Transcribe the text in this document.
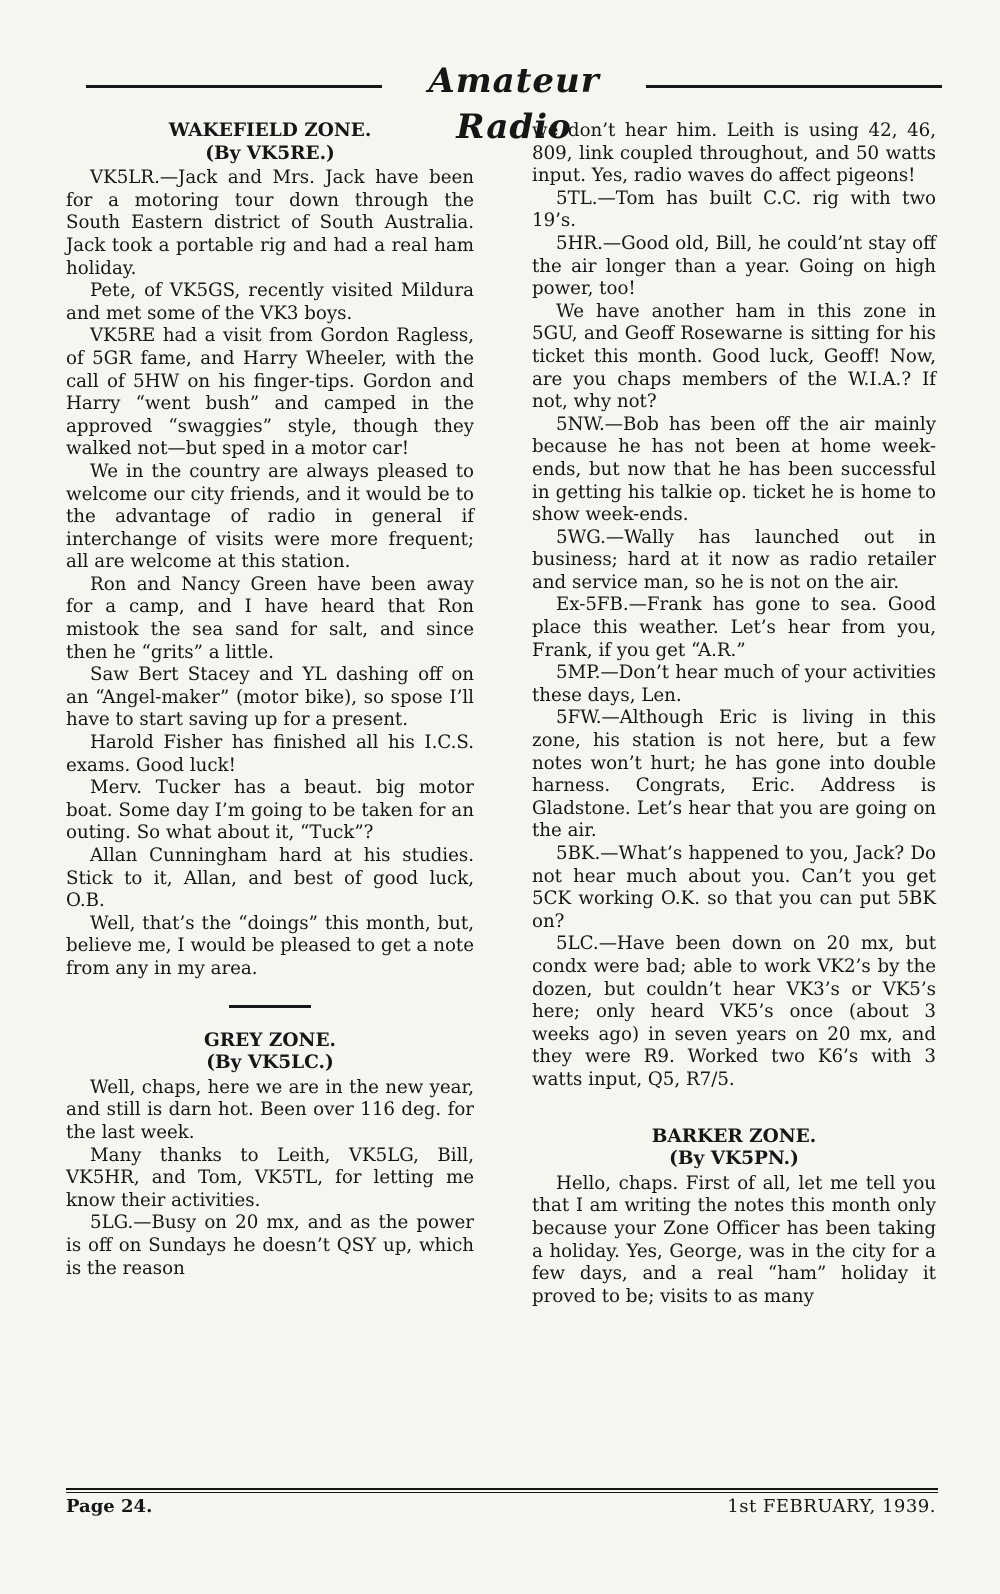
Amateur Radio
WAKEFIELD ZONE.
(By VK5RE.)

VK5LR.—Jack and Mrs. Jack have been for a motoring tour down through the South Eastern district of South Australia. Jack took a portable rig and had a real ham holiday.

Pete, of VK5GS, recently visited Mildura and met some of the VK3 boys.

VK5RE had a visit from Gordon Ragless, of 5GR fame, and Harry Wheeler, with the call of 5HW on his finger-tips. Gordon and Harry “went bush” and camped in the approved “swaggies” style, though they walked not—but sped in a motor car!

We in the country are always pleased to welcome our city friends, and it would be to the advantage of radio in general if interchange of visits were more frequent; all are welcome at this station.

Ron and Nancy Green have been away for a camp, and I have heard that Ron mistook the sea sand for salt, and since then he “grits” a little.

Saw Bert Stacey and YL dashing off on an “Angel-maker” (motor bike), so spose I’ll have to start saving up for a present.

Harold Fisher has finished all his I.C.S. exams. Good luck!

Merv. Tucker has a beaut. big motor boat. Some day I’m going to be taken for an outing. So what about it, “Tuck”?

Allan Cunningham hard at his studies. Stick to it, Allan, and best of good luck, O.B.

Well, that’s the “doings” this month, but, believe me, I would be pleased to get a note from any in my area.

GREY ZONE.
(By VK5LC.)

Well, chaps, here we are in the new year, and still is darn hot. Been over 116 deg. for the last week.

Many thanks to Leith, VK5LG, Bill, VK5HR, and Tom, VK5TL, for letting me know their activities.

5LG.—Busy on 20 mx, and as the power is off on Sundays he doesn’t QSY up, which is the reason

we don’t hear him. Leith is using 42, 46, 809, link coupled throughout, and 50 watts input. Yes, radio waves do affect pigeons!

5TL.—Tom has built C.C. rig with two 19’s.

5HR.—Good old, Bill, he could’nt stay off the air longer than a year. Going on high power, too!

We have another ham in this zone in 5GU, and Geoff Rosewarne is sitting for his ticket this month. Good luck, Geoff! Now, are you chaps members of the W.I.A.? If not, why not?

5NW.—Bob has been off the air mainly because he has not been at home week-ends, but now that he has been successful in getting his talkie op. ticket he is home to show week-ends.

5WG.—Wally has launched out in business; hard at it now as radio retailer and service man, so he is not on the air.

Ex-5FB.—Frank has gone to sea. Good place this weather. Let’s hear from you, Frank, if you get “A.R.”

5MP.—Don’t hear much of your activities these days, Len.

5FW.—Although Eric is living in this zone, his station is not here, but a few notes won’t hurt; he has gone into double harness. Congrats, Eric. Address is Gladstone. Let’s hear that you are going on the air.

5BK.—What’s happened to you, Jack? Do not hear much about you. Can’t you get 5CK working O.K. so that you can put 5BK on?

5LC.—Have been down on 20 mx, but condx were bad; able to work VK2’s by the dozen, but couldn’t hear VK3’s or VK5’s here; only heard VK5’s once (about 3 weeks ago) in seven years on 20 mx, and they were R9. Worked two K6’s with 3 watts input, Q5, R7/5.

BARKER ZONE.
(By VK5PN.)

Hello, chaps. First of all, let me tell you that I am writing the notes this month only because your Zone Officer has been taking a holiday. Yes, George, was in the city for a few days, and a real “ham” holiday it proved to be; visits to as many

Page 24.	1st FEBRUARY, 1939.
